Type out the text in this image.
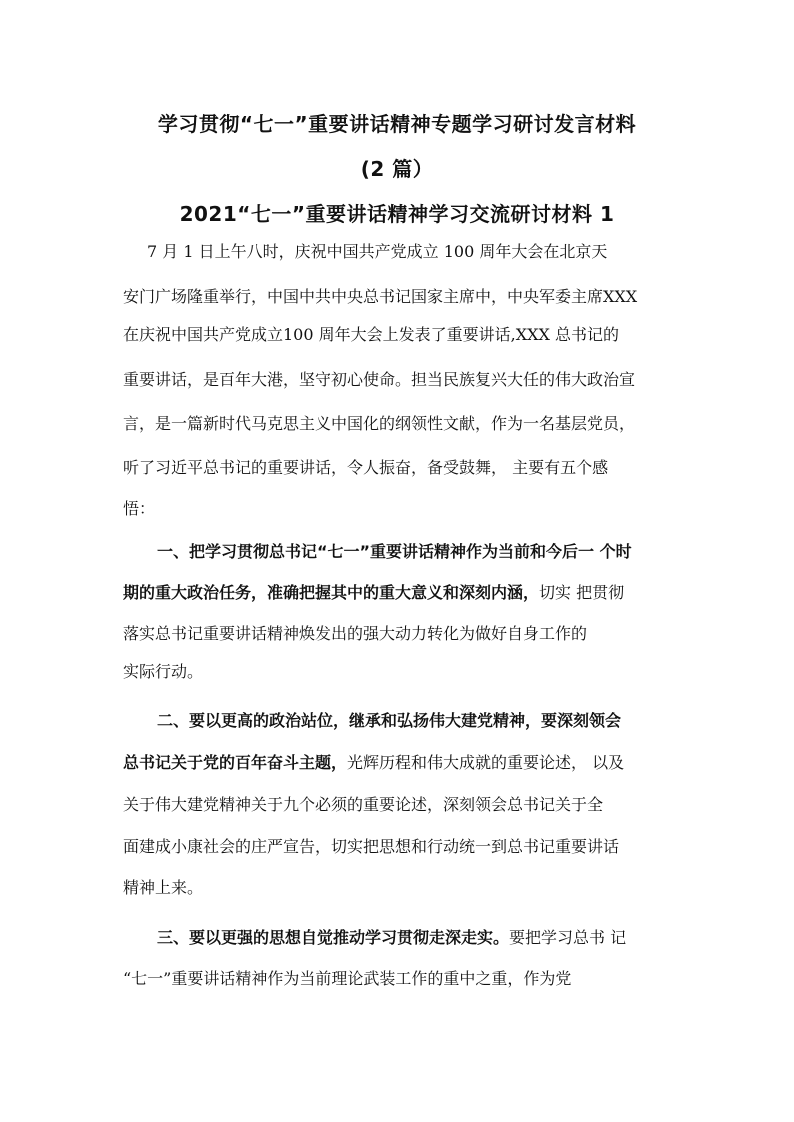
学习贯彻“七一”重要讲话精神专题学习研讨发言材料
(2 篇）
2021“七一”重要讲话精神学习交流研讨材料 1
7 月 1 日上午八时，庆祝中国共产党成立 100 周年大会在北京天
安门广场隆重举行，中国中共中央总书记国家主席中，中央军委主席XXX
在庆祝中国共产党成立100 周年大会上发表了重要讲话,XXX 总书记的
重要讲话，是百年大港，坚守初心使命。担当民族复兴大任的伟大政治宣
言，是一篇新时代马克思主义中国化的纲领性文献，作为一名基层党员，
听了习近平总书记的重要讲话，令人振奋，备受鼓舞， 主要有五个感
悟：
一、把学习贯彻总书记“七一”重要讲话精神作为当前和今后一 个时
期的重大政治任务，准确把握其中的重大意义和深刻内涵，切实 把贯彻
落实总书记重要讲话精神焕发出的强大动力转化为做好自身工作的
实际行动。
二、要以更高的政治站位，继承和弘扬伟大建党精神，要深刻领会
总书记关于党的百年奋斗主题，光辉历程和伟大成就的重要论述， 以及
关于伟大建党精神关于九个必须的重要论述，深刻领会总书记关于全
面建成小康社会的庄严宣告，切实把思想和行动统一到总书记重要讲话
精神上来。
三、要以更强的思想自觉推动学习贯彻走深走实。要把学习总书 记
“七一”重要讲话精神作为当前理论武装工作的重中之重，作为党
